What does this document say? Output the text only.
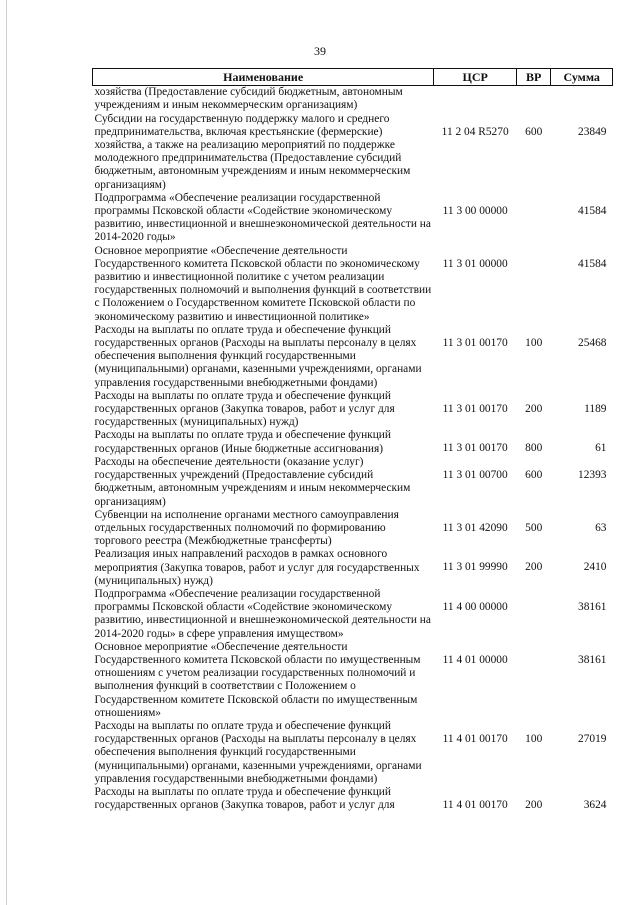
39
Наименование	ЦСР	ВР	Сумма
хозяйства (Предоставление субсидий бюджетным, автономным учреждениям и иным некоммерческим организациям)			
Субсидии на государственную поддержку малого и среднего предпринимательства, включая крестьянские (фермерские) хозяйства, а также на реализацию мероприятий по поддержке молодежного предпринимательства (Предоставление субсидий бюджетным, автономным учреждениям и иным некоммерческим организациям)	11 2 04 R5270	600	23849
Подпрограмма «Обеспечение реализации государственной программы Псковской области «Содействие экономическому развитию, инвестиционной и внешнеэкономической деятельности на 2014-2020 годы»	11 3 00 00000		41584
Основное мероприятие «Обеспечение деятельности Государственного комитета Псковской области по экономическому развитию и инвестиционной политике с учетом реализации государственных полномочий и выполнения функций в соответствии с Положением о Государственном комитете Псковской области по экономическому развитию и инвестиционной политике»	11 3 01 00000		41584
Расходы на выплаты по оплате труда и обеспечение функций государственных органов (Расходы на выплаты персоналу в целях обеспечения выполнения функций государственными (муниципальными) органами, казенными учреждениями, органами управления государственными внебюджетными фондами)	11 3 01 00170	100	25468
Расходы на выплаты по оплате труда и обеспечение функций государственных органов (Закупка товаров, работ и услуг для государственных (муниципальных) нужд)	11 3 01 00170	200	1189
Расходы на выплаты по оплате труда и обеспечение функций государственных органов (Иные бюджетные ассигнования)	11 3 01 00170	800	61
Расходы на обеспечение деятельности (оказание услуг) государственных учреждений (Предоставление субсидий бюджетным, автономным учреждениям и иным некоммерческим организациям)	11 3 01 00700	600	12393
Субвенции на исполнение органами местного самоуправления отдельных государственных полномочий по формированию торгового реестра (Межбюджетные трансферты)	11 3 01 42090	500	63
Реализация иных направлений расходов в рамках основного мероприятия (Закупка товаров, работ и услуг для государственных (муниципальных) нужд)	11 3 01 99990	200	2410
Подпрограмма «Обеспечение реализации государственной программы Псковской области «Содействие экономическому развитию, инвестиционной и внешнеэкономической деятельности на 2014-2020 годы» в сфере управления имуществом»	11 4 00 00000		38161
Основное мероприятие «Обеспечение деятельности Государственного комитета Псковской области по имущественным отношениям с учетом реализации государственных полномочий и выполнения функций в соответствии с Положением о Государственном комитете Псковской области по имущественным отношениям»	11 4 01 00000		38161
Расходы на выплаты по оплате труда и обеспечение функций государственных органов (Расходы на выплаты персоналу в целях обеспечения выполнения функций государственными (муниципальными) органами, казенными учреждениями, органами управления государственными внебюджетными фондами)	11 4 01 00170	100	27019
Расходы на выплаты по оплате труда и обеспечение функций государственных органов (Закупка товаров, работ и услуг для	11 4 01 00170	200	3624
